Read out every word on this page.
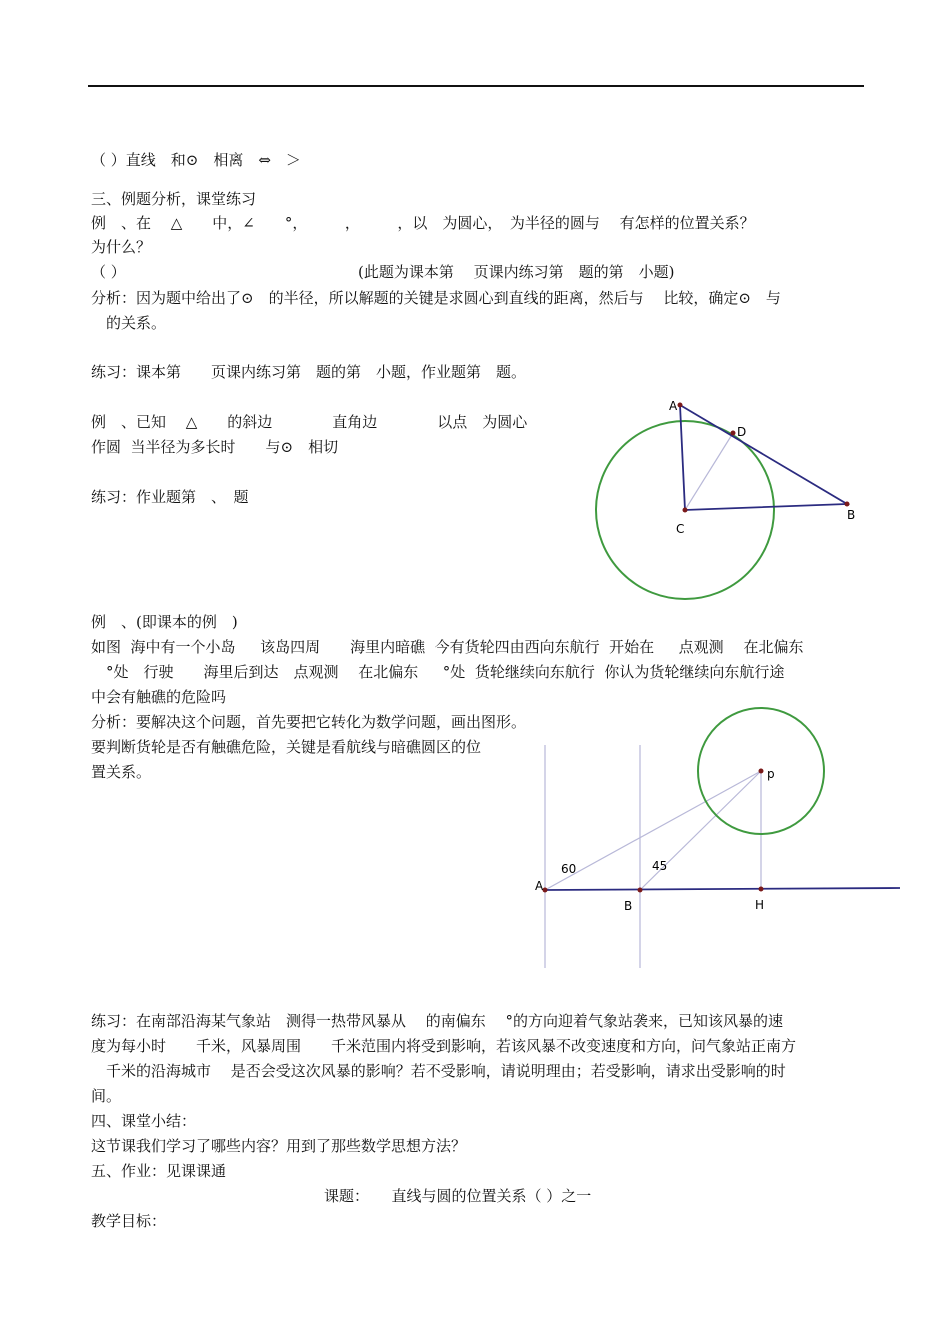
（ ）直线　和⊙　相离　⇔　＞
三、例题分析，课堂练习
例　、在　 △　　中，∠　　°，　　　，　　　，以　为圆心，　为半径的圆与　 有怎样的位置关系？
为什么？
（ ）	(此题为课本第　 页课内练习第　题的第　小题)
分析：因为题中给出了⊙　的半径，所以解题的关键是求圆心到直线的距离，然后与　 比较，确定⊙　与
　的关系。
练习：课本第　　页课内练习第　题的第　小题，作业题第　题。
例　、已知　 △　　的斜边　　　　直角边　　　　以点　为圆心
作圆  当半径为多长时　　与⊙　相切
练习：作业题第　、　题
A
B
C
D
例　、(即课本的例　)
如图  海中有一个小岛　  该岛四周　　海里内暗礁  今有货轮四由西向东航行  开始在　  点观测　 在北偏东
　°处　行驶　　海里后到达　点观测　 在北偏东　  °处  货轮继续向东航行  你认为货轮继续向东航行途
中会有触礁的危险吗
分析：要解决这个问题，首先要把它转化为数学问题，画出图形。
要判断货轮是否有触礁危险，关键是看航线与暗礁圆区的位
置关系。	p
A
B	H
60	45
练习：在南部沿海某气象站　测得一热带风暴从　 的南偏东　 °的方向迎着气象站袭来，已知该风暴的速
度为每小时　　千米，风暴周围　　千米范围内将受到影响，若该风暴不改变速度和方向，问气象站正南方
　千米的沿海城市　 是否会受这次风暴的影响？若不受影响，请说明理由；若受影响，请求出受影响的时
间。
四、课堂小结：
这节课我们学习了哪些内容？用到了那些数学思想方法？
五、作业：见课课通
课题：　　直线与圆的位置关系（ ）之一
教学目标：
